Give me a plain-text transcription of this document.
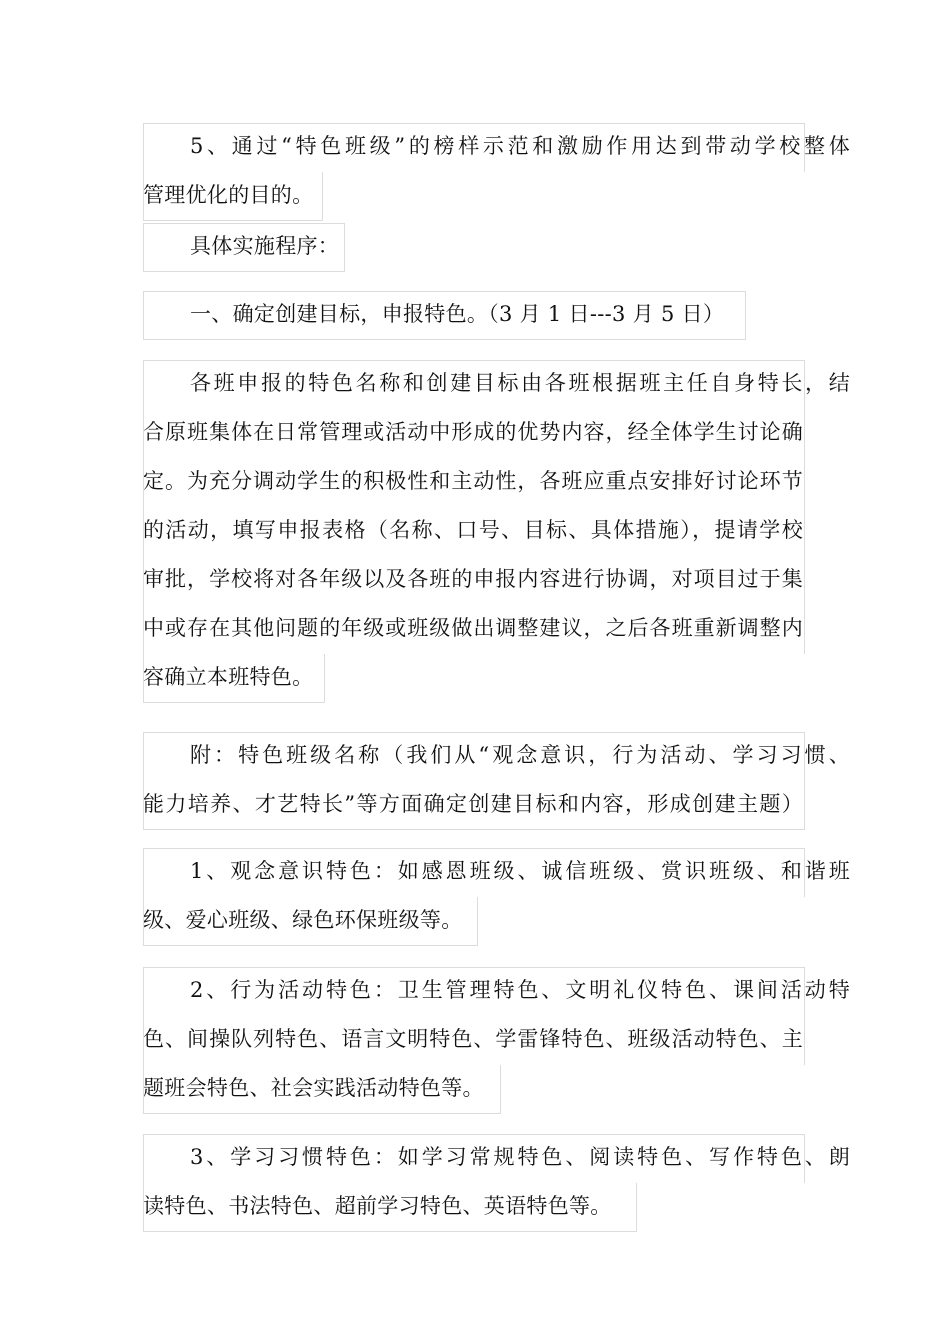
5、通过“特色班级”的榜样示范和激励作用达到带动学校整体
管理优化的目的。
具体实施程序：
一、确定创建目标，申报特色。（3 月 1 日---3 月 5 日）
各班申报的特色名称和创建目标由各班根据班主任自身特长，结
合原班集体在日常管理或活动中形成的优势内容，经全体学生讨论确
定。为充分调动学生的积极性和主动性，各班应重点安排好讨论环节
的活动，填写申报表格（名称、口号、目标、具体措施），提请学校
审批，学校将对各年级以及各班的申报内容进行协调，对项目过于集
中或存在其他问题的年级或班级做出调整建议，之后各班重新调整内
容确立本班特色。
附：特色班级名称（我们从“观念意识，行为活动、学习习惯、
能力培养、才艺特长”等方面确定创建目标和内容，形成创建主题）
1、观念意识特色：如感恩班级、诚信班级、赏识班级、和谐班
级、爱心班级、绿色环保班级等。
2、行为活动特色：卫生管理特色、文明礼仪特色、课间活动特
色、间操队列特色、语言文明特色、学雷锋特色、班级活动特色、主
题班会特色、社会实践活动特色等。
3、学习习惯特色：如学习常规特色、阅读特色、写作特色、朗
读特色、书法特色、超前学习特色、英语特色等。
